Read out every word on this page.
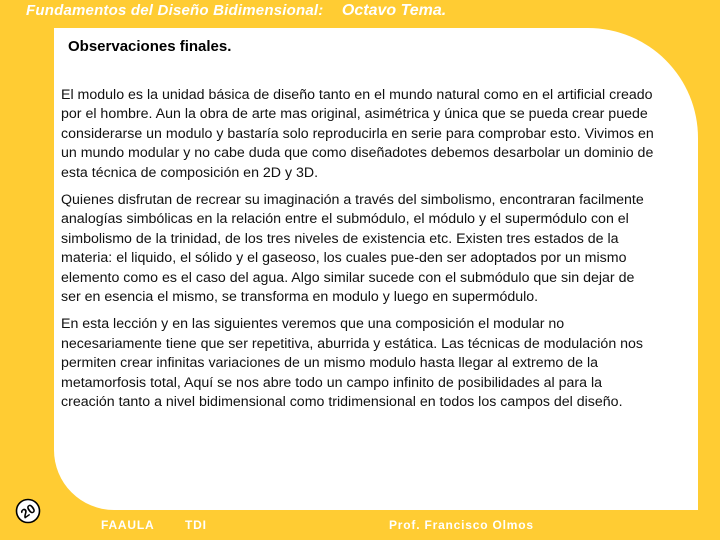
Fundamentos del Diseño Bidimensional: Octavo Tema.
Observaciones finales.

El modulo es la unidad básica de diseño tanto en el mundo natural como en el artificial creado por el hombre. Aun la obra de arte mas original, asimétrica y única que se pueda crear puede considerarse un modulo y bastaría solo reproducirla en serie para comprobar esto. Vivimos en un mundo modular y no cabe duda que como diseñadotes debemos desarbolar un dominio de esta técnica de composición en 2D y 3D.

Quienes disfrutan de recrear su imaginación a través del simbolismo, encontraran facilmente analogías simbólicas en la relación entre el submódulo, el módulo y el supermódulo con el simbolismo de la trinidad, de los tres niveles de existencia etc. Existen tres estados de la materia: el liquido, el sólido y el gaseoso, los cuales pue-den ser adoptados por un mismo elemento como es el caso del agua. Algo similar sucede con el submódulo que sin dejar de ser en esencia el mismo, se transforma en modulo y luego en supermódulo.

En esta lección y en las siguientes veremos que una composición el modular no necesariamente tiene que ser repetitiva, aburrida y estática. Las técnicas de modulación nos permiten crear infinitas variaciones de un mismo modulo hasta llegar al extremo de la metamorfosis total, Aquí se nos abre todo un campo infinito de posibilidades al para la creación tanto a nivel bidimensional como tridimensional en todos los campos del diseño.

20
FAAULA	TDI	Prof. Francisco Olmos
